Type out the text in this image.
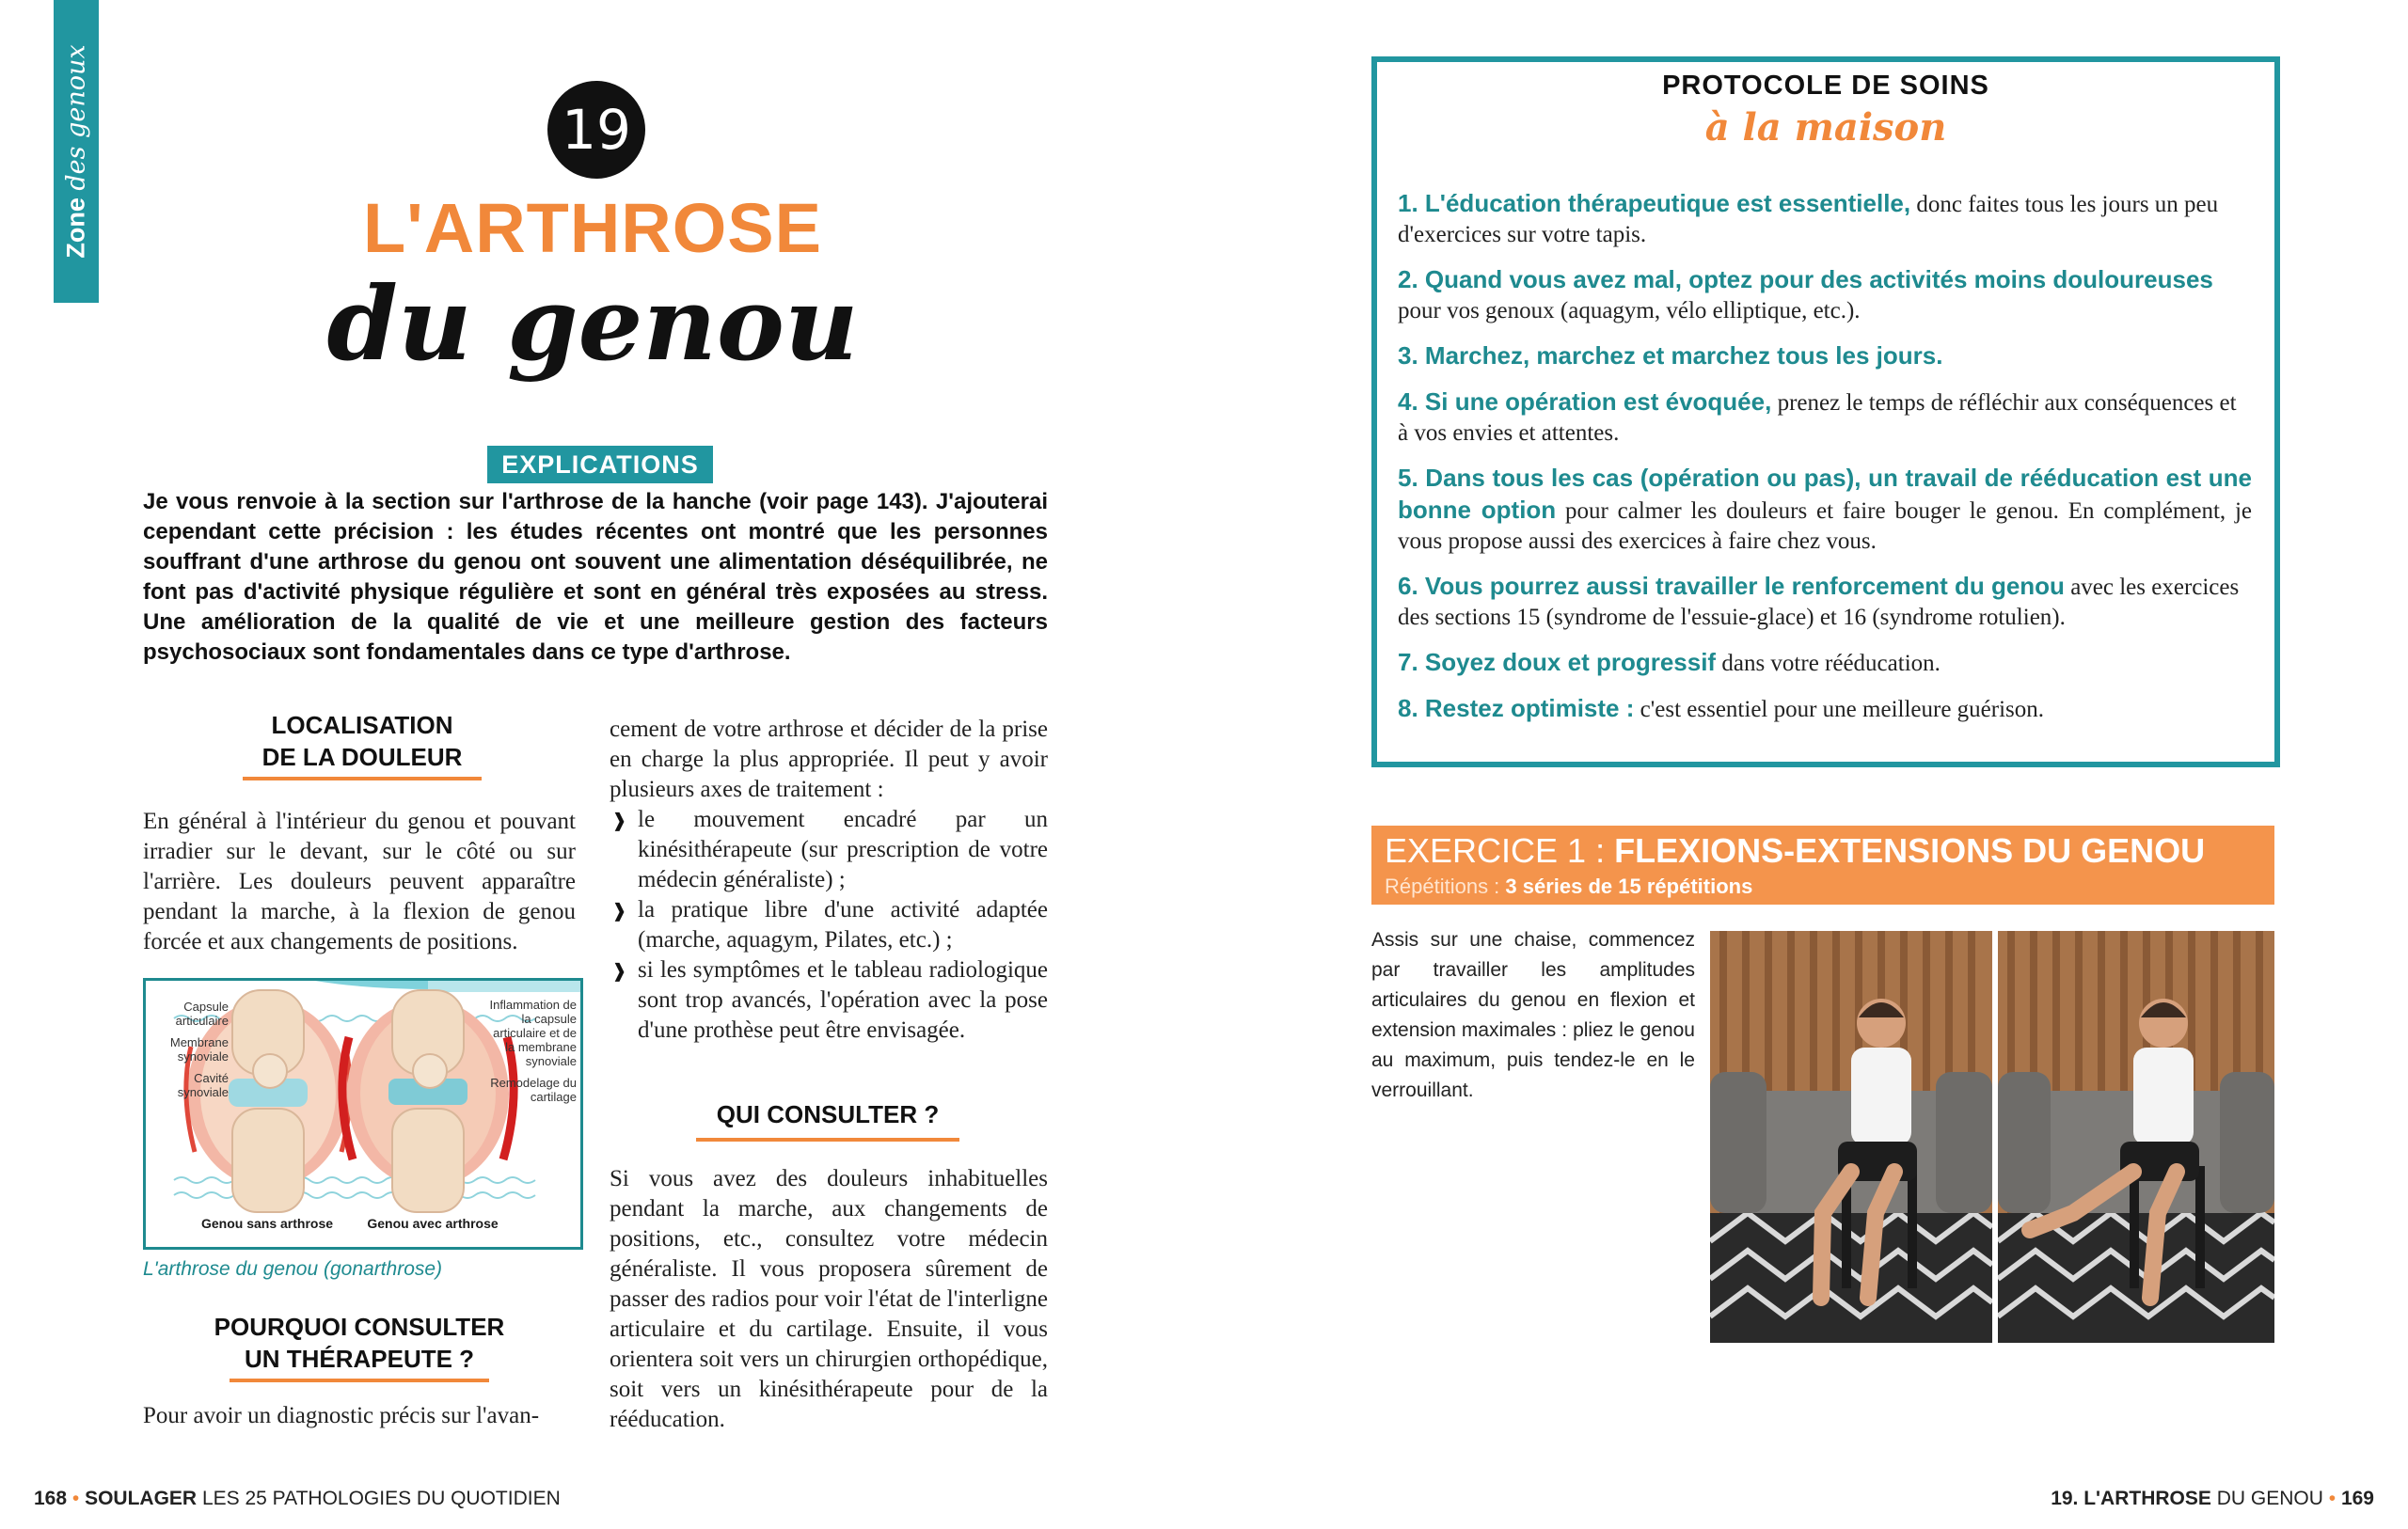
Zone des genoux	19
L'ARTHROSE
du genou
EXPLICATIONS
Je vous renvoie à la section sur l'arthrose de la hanche (voir page 143). J'ajouterai cependant cette précision : les études récentes ont montré que les personnes souffrant d'une arthrose du genou ont souvent une alimentation déséquilibrée, ne font pas d'activité physique régulière et sont en général très exposées au stress. Une amélioration de la qualité de vie et une meilleure gestion des facteurs psychosociaux sont fondamentales dans ce type d'arthrose.
LOCALISATION
DE LA DOULEUR
En général à l'intérieur du genou et pouvant irradier sur le devant, sur le côté ou sur l'arrière. Les douleurs peuvent apparaître pendant la marche, à la flexion de genou forcée et aux changements de positions.
Capsule articulaire
Membrane synoviale
Cavité synoviale
Inflammation de la capsule articulaire et de la membrane synoviale
Remodelage du cartilage
Genou sans arthrose	Genou avec arthrose
L'arthrose du genou (gonarthrose)
POURQUOI CONSULTER
UN THÉRAPEUTE ?
Pour avoir un diagnostic précis sur l'avan-
cement de votre arthrose et décider de la prise en charge la plus appropriée. Il peut y avoir plusieurs axes de traitement :
❱ le mouvement encadré par un kinésithérapeute (sur prescription de votre médecin généraliste) ;
❱ la pratique libre d'une activité adaptée (marche, aquagym, Pilates, etc.) ;
❱ si les symptômes et le tableau radiologique sont trop avancés, l'opération avec la pose d'une prothèse peut être envisagée.
QUI CONSULTER ?
Si vous avez des douleurs inhabituelles pendant la marche, aux changements de positions, etc., consultez votre médecin généraliste. Il vous proposera sûrement de passer des radios pour voir l'état de l'interligne articulaire et du cartilage. Ensuite, il vous orientera soit vers un chirurgien orthopédique, soit vers un kinésithérapeute pour de la rééducation.
168 • SOULAGER LES 25 PATHOLOGIES DU QUOTIDIEN
PROTOCOLE DE SOINS
à la maison
1. L'éducation thérapeutique est essentielle, donc faites tous les jours un peu d'exercices sur votre tapis.
2. Quand vous avez mal, optez pour des activités moins douloureuses pour vos genoux (aquagym, vélo elliptique, etc.).
3. Marchez, marchez et marchez tous les jours.
4. Si une opération est évoquée, prenez le temps de réfléchir aux conséquences et à vos envies et attentes.
5. Dans tous les cas (opération ou pas), un travail de rééducation est une bonne option pour calmer les douleurs et faire bouger le genou. En complément, je vous propose aussi des exercices à faire chez vous.
6. Vous pourrez aussi travailler le renforcement du genou avec les exercices des sections 15 (syndrome de l'essuie-glace) et 16 (syndrome rotulien).
7. Soyez doux et progressif dans votre rééducation.
8. Restez optimiste : c'est essentiel pour une meilleure guérison.
EXERCICE 1 : FLEXIONS-EXTENSIONS DU GENOU
Répétitions : 3 séries de 15 répétitions
Assis sur une chaise, commencez par travailler les amplitudes articulaires du genou en flexion et extension maximales : pliez le genou au maximum, puis tendez-le en le verrouillant.
19. L'ARTHROSE DU GENOU • 169
